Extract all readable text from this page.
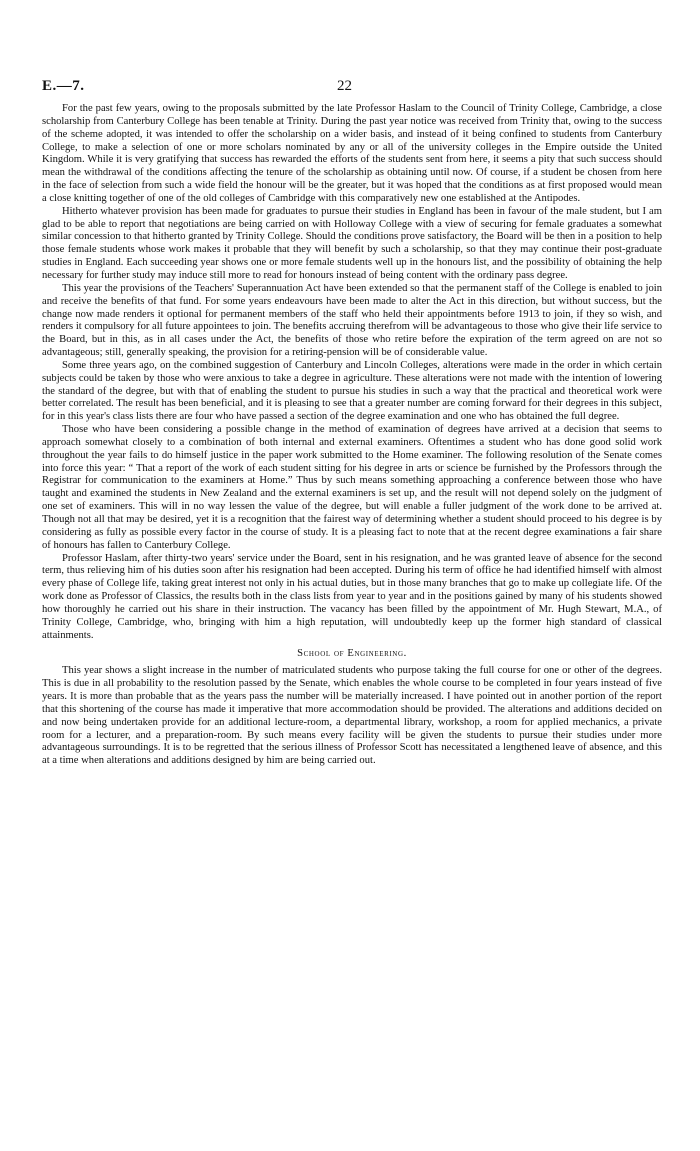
E.—7.	22

For the past few years, owing to the proposals submitted by the late Professor Haslam to the Council of Trinity College, Cambridge, a close scholarship from Canterbury College has been tenable at Trinity. During the past year notice was received from Trinity that, owing to the success of the scheme adopted, it was intended to offer the scholarship on a wider basis, and instead of it being confined to students from Canterbury College, to make a selection of one or more scholars nominated by any or all of the university colleges in the Empire outside the United Kingdom. While it is very gratifying that success has rewarded the efforts of the students sent from here, it seems a pity that such success should mean the withdrawal of the conditions affecting the tenure of the scholarship as obtaining until now. Of course, if a student be chosen from here in the face of selection from such a wide field the honour will be the greater, but it was hoped that the conditions as at first proposed would mean a close knitting together of one of the old colleges of Cambridge with this comparatively new one established at the Antipodes.

Hitherto whatever provision has been made for graduates to pursue their studies in England has been in favour of the male student, but I am glad to be able to report that negotiations are being carried on with Holloway College with a view of securing for female graduates a somewhat similar concession to that hitherto granted by Trinity College. Should the conditions prove satisfactory, the Board will be then in a position to help those female students whose work makes it probable that they will benefit by such a scholarship, so that they may continue their post-graduate studies in England. Each succeeding year shows one or more female students well up in the honours list, and the possibility of obtaining the help necessary for further study may induce still more to read for honours instead of being content with the ordinary pass degree.

This year the provisions of the Teachers' Superannuation Act have been extended so that the permanent staff of the College is enabled to join and receive the benefits of that fund. For some years endeavours have been made to alter the Act in this direction, but without success, but the change now made renders it optional for permanent members of the staff who held their appointments before 1913 to join, if they so wish, and renders it compulsory for all future appointees to join. The benefits accruing therefrom will be advantageous to those who give their life service to the Board, but in this, as in all cases under the Act, the benefits of those who retire before the expiration of the term agreed on are not so advantageous; still, generally speaking, the provision for a retiring-pension will be of considerable value.

Some three years ago, on the combined suggestion of Canterbury and Lincoln Colleges, alterations were made in the order in which certain subjects could be taken by those who were anxious to take a degree in agriculture. These alterations were not made with the intention of lowering the standard of the degree, but with that of enabling the student to pursue his studies in such a way that the practical and theoretical work were better correlated. The result has been beneficial, and it is pleasing to see that a greater number are coming forward for their degrees in this subject, for in this year's class lists there are four who have passed a section of the degree examination and one who has obtained the full degree.

Those who have been considering a possible change in the method of examination of degrees have arrived at a decision that seems to approach somewhat closely to a combination of both internal and external examiners. Oftentimes a student who has done good solid work throughout the year fails to do himself justice in the paper work submitted to the Home examiner. The following resolution of the Senate comes into force this year: “ That a report of the work of each student sitting for his degree in arts or science be furnished by the Professors through the Registrar for communication to the examiners at Home.” Thus by such means something approaching a conference between those who have taught and examined the students in New Zealand and the external examiners is set up, and the result will not depend solely on the judgment of one set of examiners. This will in no way lessen the value of the degree, but will enable a fuller judgment of the work done to be arrived at. Though not all that may be desired, yet it is a recognition that the fairest way of determining whether a student should proceed to his degree is by considering as fully as possible every factor in the course of study. It is a pleasing fact to note that at the recent degree examinations a fair share of honours has fallen to Canterbury College.

Professor Haslam, after thirty-two years' service under the Board, sent in his resignation, and he was granted leave of absence for the second term, thus relieving him of his duties soon after his resignation had been accepted. During his term of office he had identified himself with almost every phase of College life, taking great interest not only in his actual duties, but in those many branches that go to make up collegiate life. Of the work done as Professor of Classics, the results both in the class lists from year to year and in the positions gained by many of his students showed how thoroughly he carried out his share in their instruction. The vacancy has been filled by the appointment of Mr. Hugh Stewart, M.A., of Trinity College, Cambridge, who, bringing with him a high reputation, will undoubtedly keep up the former high standard of classical attainments.

School of Engineering.

This year shows a slight increase in the number of matriculated students who purpose taking the full course for one or other of the degrees. This is due in all probability to the resolution passed by the Senate, which enables the whole course to be completed in four years instead of five years. It is more than probable that as the years pass the number will be materially increased. I have pointed out in another portion of the report that this shortening of the course has made it imperative that more accommodation should be provided. The alterations and additions decided on and now being undertaken provide for an additional lecture-room, a departmental library, workshop, a room for applied mechanics, a private room for a lecturer, and a preparation-room. By such means every facility will be given the students to pursue their studies under more advantageous surroundings. It is to be regretted that the serious illness of Professor Scott has necessitated a lengthened leave of absence, and this at a time when alterations and additions designed by him are being carried out.
